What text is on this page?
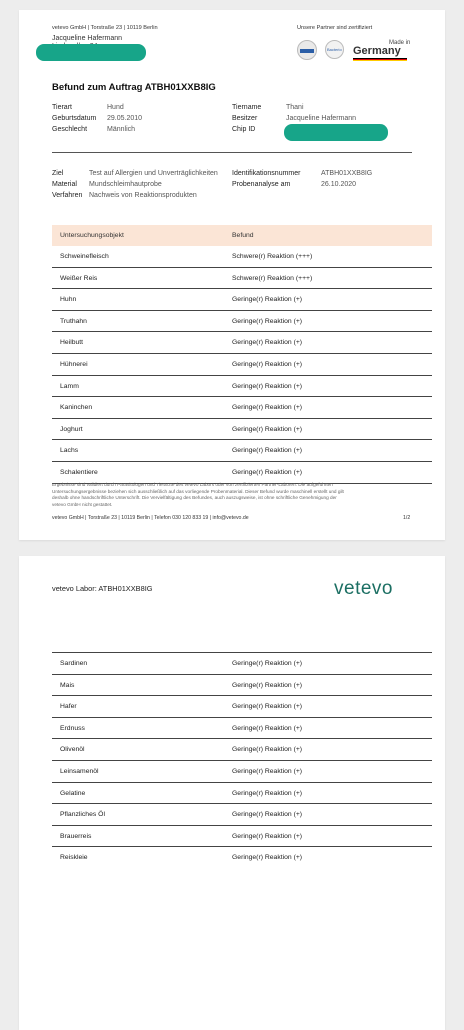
vetevo GmbH | Torstraße 23 | 10119 Berlin
Jacqueline Hafermann
Unsere Partner sind zertifiziert
Bacterio
Made in
Germany
Befund zum Auftrag ATBH01XXB8IG
Tierart	Hund
Geburtsdatum 29.05.2010
Geschlecht	Männlich
Tiername	Thani
Besitzer	Jacqueline Hafermann
Chip ID
Ziel	Test auf Allergien und Unverträglichkeiten
Material Mundschleimhautprobe
Verfahren Nachweis von Reaktionsprodukten
Identifikationsnummer	ATBH01XXB8IG
Probenanalyse am	26.10.2020
Untersuchungsobjekt	Befund
Schweinefleisch	Schwere(r) Reaktion (+++)
Weißer Reis	Schwere(r) Reaktion (+++)
Huhn	Geringe(r) Reaktion (+)
Truthahn	Geringe(r) Reaktion (+)
Heilbutt	Geringe(r) Reaktion (+)
Hühnerei	Geringe(r) Reaktion (+)
Lamm	Geringe(r) Reaktion (+)
Kaninchen	Geringe(r) Reaktion (+)
Joghurt	Geringe(r) Reaktion (+)
Lachs	Geringe(r) Reaktion (+)
Schalentiere	Geringe(r) Reaktion (+)
Ergebnisse sind validiert durch Parasitologen und Tierärzte des vetevo Labors oder von zertifizierten Partner-Laboren. Die aufgeführten
Untersuchungsergebnisse beziehen sich ausschließlich auf das vorliegende Probenmaterial. Dieser Befund wurde maschinell erstellt und gilt
deshalb ohne handschriftliche Unterschrift. Die Vervielfältigung des Befundes, auch auszugsweise, ist ohne schriftliche Genehmigung der
vetevo GmbH nicht gestattet.
vetevo GmbH | Torstraße 23 | 10119 Berlin | Telefon 030 120 833 19 | info@vetevo.de	1/2
vetevo Labor: ATBH01XXB8IG	vetevo
Sardinen	Geringe(r) Reaktion (+)
Mais	Geringe(r) Reaktion (+)
Hafer	Geringe(r) Reaktion (+)
Erdnuss	Geringe(r) Reaktion (+)
Olivenöl	Geringe(r) Reaktion (+)
Leinsamenöl	Geringe(r) Reaktion (+)
Gelatine	Geringe(r) Reaktion (+)
Pflanzliches Öl	Geringe(r) Reaktion (+)
Brauerreis	Geringe(r) Reaktion (+)
Reiskleie	Geringe(r) Reaktion (+)
